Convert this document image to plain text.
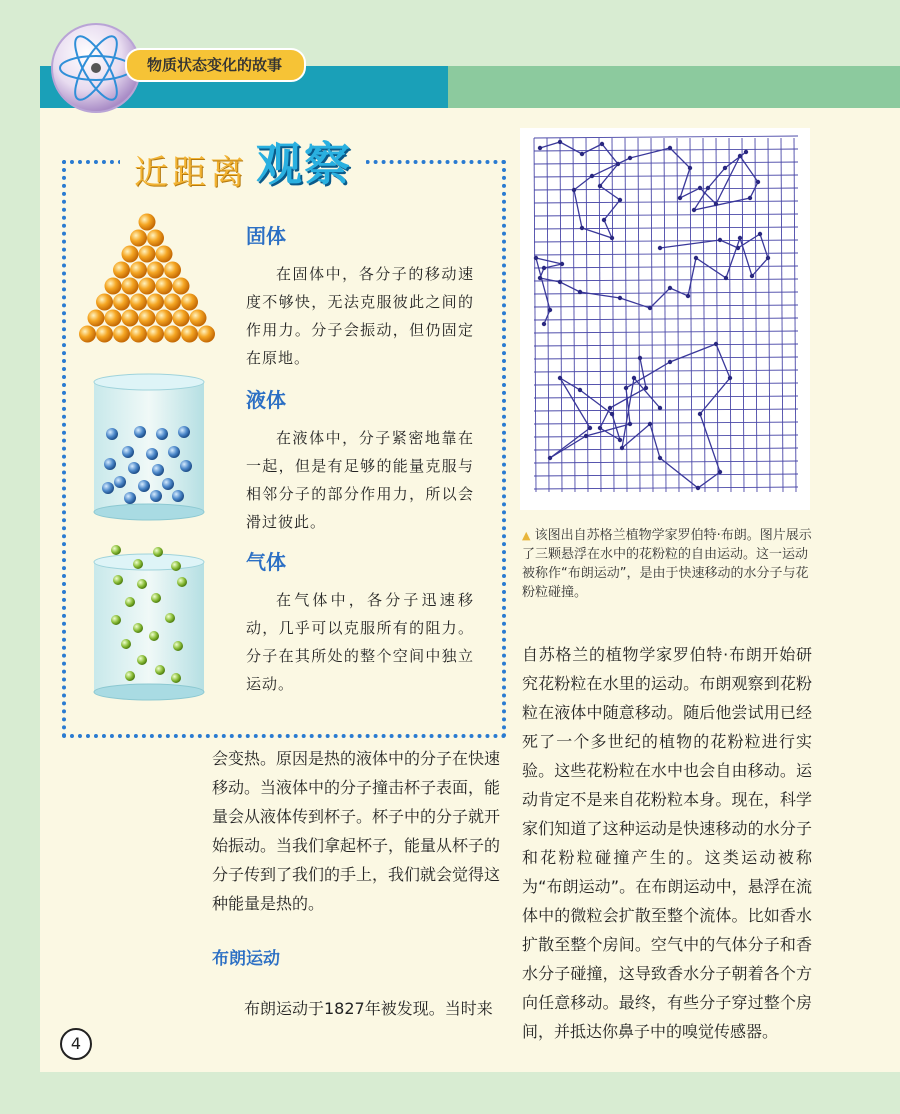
物质状态变化的故事
近距离 观察
固体
在固体中，各分子的移动速度不够快，无法克服彼此之间的作用力。分子会振动，但仍固定在原地。
液体
在液体中，分子紧密地靠在一起，但是有足够的能量克服与相邻分子的部分作用力，所以会滑过彼此。
气体
在气体中，各分子迅速移动，几乎可以克服所有的阻力。分子在其所处的整个空间中独立运动。
会变热。原因是热的液体中的分子在快速移动。当液体中的分子撞击杯子表面，能量会从液体传到杯子。杯子中的分子就开始振动。当我们拿起杯子，能量从杯子的分子传到了我们的手上，我们就会觉得这种能量是热的。
布朗运动
布朗运动于1827年被发现。当时来
▲ 该图出自苏格兰植物学家罗伯特·布朗。图片展示了三颗悬浮在水中的花粉粒的自由运动。这一运动被称作“布朗运动”，是由于快速移动的水分子与花粉粒碰撞。
自苏格兰的植物学家罗伯特·布朗开始研究花粉粒在水里的运动。布朗观察到花粉粒在液体中随意移动。随后他尝试用已经死了一个多世纪的植物的花粉粒进行实验。这些花粉粒在水中也会自由移动。运动肯定不是来自花粉粒本身。现在，科学家们知道了这种运动是快速移动的水分子和花粉粒碰撞产生的。这类运动被称为“布朗运动”。在布朗运动中，悬浮在流体中的微粒会扩散至整个流体。比如香水扩散至整个房间。空气中的气体分子和香水分子碰撞，这导致香水分子朝着各个方向任意移动。最终，有些分子穿过整个房间，并抵达你鼻子中的嗅觉传感器。
4
